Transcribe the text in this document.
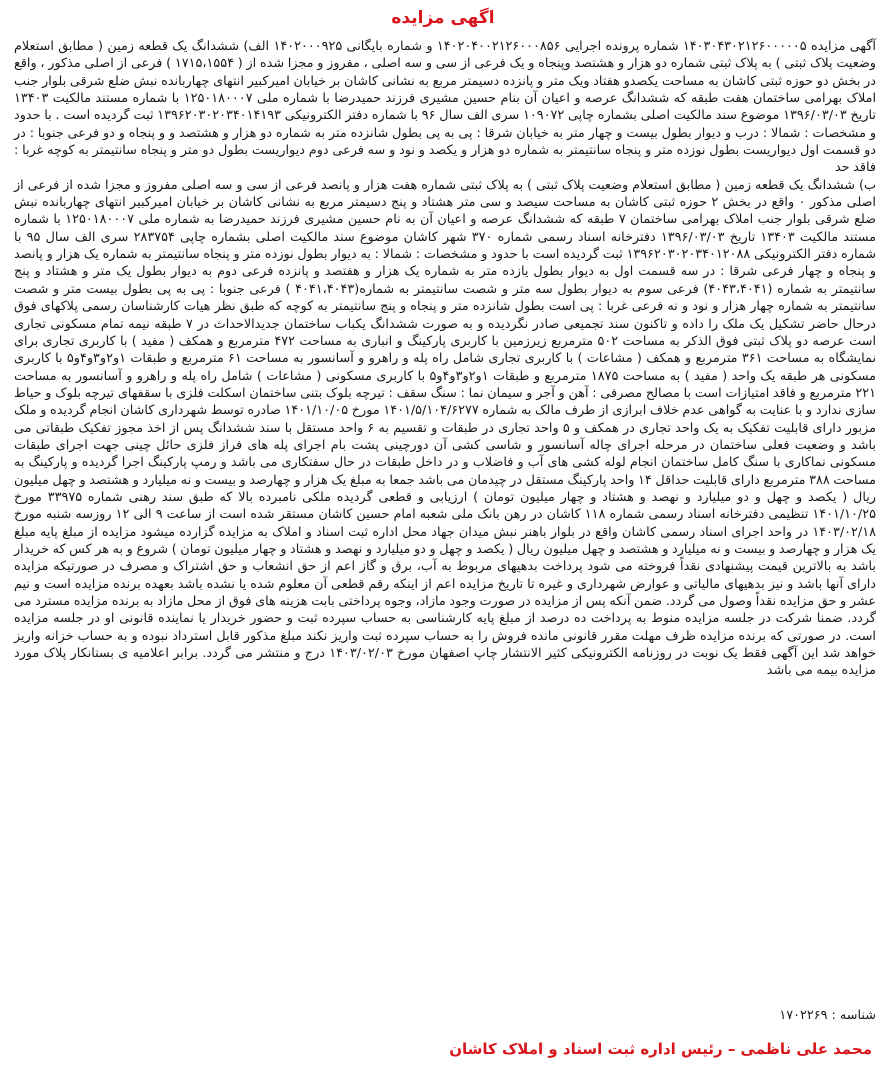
اگهی مزایده

آگهی مزایده ۱۴۰۳۰۴۳۰۲۱۲۶۰۰۰۰۰۵ شماره پرونده اجرایی ۱۴۰۲۰۴۰۰۲۱۲۶۰۰۰۸۵۶ و شماره بایگانی ۱۴۰۲۰۰۰۹۲۵ الف) ششدانگ یک قطعه زمین ( مطابق استعلام وضعیت پلاک ثبتی ) به پلاک ثبتی شماره دو هزار و هشتصد وپنجاه و یک فرعی از سی و سه اصلی ، مفروز و مجزا شده از ( ۱۷۱۵،۱۵۵۴ ) فرعی از اصلی مذکور ، واقع در بخش دو حوزه ثبتی کاشان به مساحت یکصدو هفتاد ویک متر و پانزده دسیمتر مربع به نشانی کاشان بر خیابان امیرکبیر انتهای چهاربانده نبش ضلع شرقی بلوار جنب املاک بهرامی ساختمان هفت طبقه که ششدانگ عرصه و اعیان آن بنام حسین مشیری فرزند حمیدرضا با شماره ملی ۱۲۵۰۱۸۰۰۰۷ با شماره مستند مالکیت ۱۳۴۰۳ تاریخ ۱۳۹۶/۰۳/۰۳ موضوع سند مالکیت اصلی بشماره چاپی ۱۰۹۰۷۲ سری الف سال ۹۶ با شماره دفتر الکترونیکی ۱۳۹۶۲۰۳۰۲۰۳۴۰۱۴۱۹۳ ثبت گردیده است . با حدود و مشخصات : شمالا : درب و دیوار بطول بیست و چهار متر به خیابان شرقا : پی به پی بطول شانزده متر به شماره دو هزار و هشتصد و و پنجاه و دو فرعی جنوبا : در دو قسمت اول دیواریست بطول نوزده متر و پنجاه سانتیمتر به شماره دو هزار و یکصد و نود و سه فرعی دوم دیواریست بطول دو متر و پنجاه سانتیمتر به کوچه غربا : فاقد حد

ب) ششدانگ یک قطعه زمین ( مطابق استعلام وضعیت پلاک ثبتی ) به پلاک ثبتی شماره هفت هزار و پانصد فرعی از سی و سه اصلی مفروز و مجزا شده از فرعی از اصلی مذکور ۰ واقع در بخش ۲ حوزه ثبتی کاشان به مساحت سیصد و سی متر هشتاد و پنج دسیمتر مربع به نشانی کاشان بر خیابان امیرکبیر انتهای چهاربانده نبش ضلع شرقی بلوار جنب املاک بهرامی ساختمان ۷ طبقه که ششدانگ عرصه و اعیان آن به نام حسین مشیری فرزند حمیدرضا به شماره ملی ۱۲۵۰۱۸۰۰۰۷ با شماره مستند مالکیت ۱۳۴۰۳ تاریخ ۱۳۹۶/۰۳/۰۳ دفترخانه اسناد رسمی شماره ۳۷۰ شهر کاشان موضوع سند مالکیت اصلی بشماره چاپی ۲۸۳۷۵۴ سری الف سال ۹۵ با شماره دفتر الکترونیکی ۱۳۹۶۲۰۳۰۲۰۳۴۰۱۲۰۸۸ ثبت گردیده است با حدود و مشخصات : شمالا : به دیوار بطول نوزده متر و پنجاه سانتیمتر به شماره یک هزار و پانصد و پنجاه و چهار فرعی شرقا : در سه قسمت اول به دیوار بطول یازده متر به شماره یک هزار و هفتصد و پانزده فرعی دوم به دیوار بطول یک متر و هشتاد و پنج سانتیمتر به شماره (۴۰۴۳،۴۰۴۱) فرعی سوم به دیوار بطول سه متر و شصت سانتیمتر به شماره(۴۰۴۱،۴۰۴۳ ) فرعی جنوبا : پی به پی بطول بیست متر و شصت سانتیمتر به شماره چهار هزار و نود و نه فرعی غربا : پی است بطول شانزده متر و پنجاه و پنج سانتیمتر به کوچه که طبق نظر هیات کارشناسان رسمی پلاکهای فوق درحال حاضر تشکیل یک ملک را داده و تاکنون سند تجمیعی صادر نگردیده و به صورت ششدانگ یکباب ساختمان جدیدالاحداث در ۷ طبقه نیمه تمام مسکونی تجاری است عرصه دو پلاک ثبتی فوق الذکر به مساحت ۵۰۲ مترمربع زیرزمین با کاربری پارکینگ و انباری به مساحت ۴۷۲ مترمربع و همکف ( مفید ) با کاربری تجاری برای نمایشگاه به مساحت ۳۶۱ مترمربع و همکف ( مشاعات ) با کاربری تجاری شامل راه پله و راهرو و آسانسور به مساحت ۶۱ مترمربع و طبقات ۱و۲و۳و۴و۵ با کاربری مسکونی هر طبقه یک واحد ( مفید ) به مساحت ۱۸۷۵ مترمربع و طبقات ۱و۲و۳و۴و۵ با کاربری مسکونی ( مشاعات ) شامل راه پله و راهرو و آسانسور به مساحت ۲۲۱ مترمربع و فاقد امتیازات است با مصالح مصرفی : آهن و آجر و سیمان نما : سنگ سقف : تیرچه بلوک بتنی ساختمان اسکلت فلزی با سقفهای تیرچه بلوک و حیاط سازی ندارد و با عنایت به گواهی عدم خلاف ابرازی از طرف مالک به شماره ۱۴۰۱/۵/۱۰۴/۶۲۷۷ مورخ ۱۴۰۱/۱۰/۰۵ صادره توسط شهرداری کاشان انجام گردیده و ملک مزبور دارای قابلیت تفکیک به یک واحد تجاری در همکف و ۵ واحد تجاری در طبقات و تقسیم به ۶ واحد مستقل با سند ششدانگ پس از اخذ مجوز تفکیک طبقاتی می باشد و وضعیت فعلی ساختمان در مرحله اجرای چاله آسانسور و شاسی کشی آن دورچینی پشت بام اجرای پله های فراز فلزی حائل چینی جهت اجرای طبقات مسکونی نماکاری با سنگ کامل ساختمان انجام لوله کشی های آب و فاضلاب و در داخل طبقات در حال سفتکاری می باشد و رمپ پارکینگ اجرا گردیده و پارکینگ به مساحت ۳۸۸ مترمربع دارای قابلیت حداقل ۱۴ واحد پارکینگ مستقل در چیدمان می باشد جمعا به مبلغ یک هزار و چهارصد و بیست و نه میلیارد و هشتصد و چهل میلیون ریال ( یکصد و چهل و دو میلیارد و نهصد و هشتاد و چهار میلیون تومان ) ارزیابی و قطعی گردیده ملکی نامبرده بالا که طبق سند رهنی شماره ۳۳۹۷۵ مورخ ۱۴۰۱/۱۰/۲۵ تنظیمی دفترخانه اسناد رسمی شماره ۱۱۸ کاشان در رهن بانک ملی شعبه امام حسین کاشان مستقر شده است از ساعت ۹ الی ۱۲ روزسه شنبه مورخ ۱۴۰۳/۰۲/۱۸ در واحد اجرای اسناد رسمی کاشان واقع در بلوار باهنر نبش میدان جهاد محل اداره ثبت اسناد و املاک به مزایده گزارده میشود مزایده از مبلغ پایه مبلغ یک هزار و چهارصد و بیست و نه میلیارد و هشتصد و چهل میلیون ریال ( یکصد و چهل و دو میلیارد و نهصد و هشتاد و چهار میلیون تومان ) شروع و به هر کس که خریدار باشد به بالاترین قیمت پیشنهادی نقداً فروخته می شود پرداخت بدهیهای مربوط به آب، برق و گاز اعم از حق انشعاب و حق اشتراک و مصرف در صورتیکه مزایده دارای آنها باشد و نیز بدهیهای مالیاتی و عوارض شهرداری و غیره تا تاریخ مزایده اعم از اینکه رقم قطعی آن معلوم شده یا نشده باشد بعهده برنده مزایده است و نیم عشر و حق مزایده نقداً وصول می گردد. ضمن آنکه پس از مزایده در صورت وجود مازاد، وجوه پرداختی بابت هزینه های فوق از محل مازاد به برنده مزایده مسترد می گردد. ضمنا شرکت در جلسه مزایده منوط به پرداخت ده درصد از مبلغ پایه کارشناسی به حساب سپرده ثبت و حضور خریدار یا نماینده قانونی او در جلسه مزایده است. در صورتی که برنده مزایده ظرف مهلت مقرر قانونی مانده فروش را به حساب سپرده ثبت واریز نکند مبلغ مذکور قابل استرداد نبوده و به حساب خزانه واریز خواهد شد این آگهی فقط یک نوبت در روزنامه الکترونیکی کثیر الانتشار چاپ اصفهان مورخ ۱۴۰۳/۰۲/۰۳ درج و منتشر می گردد. برابر اعلامیه ی بستانکار پلاک مورد مزایده بیمه می باشد

شناسه : ۱۷۰۲۲۶۹
محمد علی ناظمی – رئیس اداره ثبت اسناد و املاک کاشان
